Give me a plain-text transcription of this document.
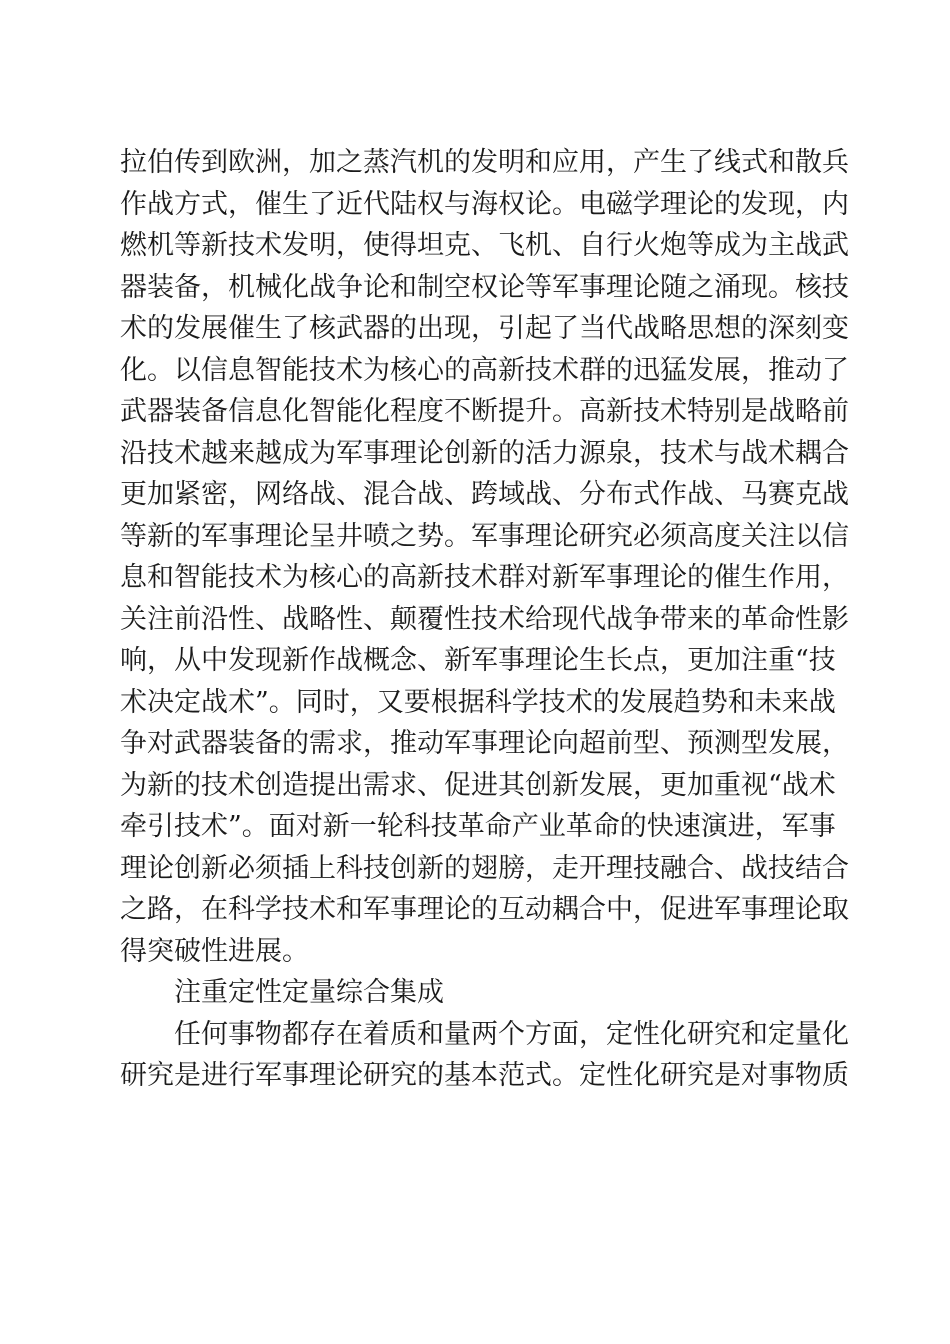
拉伯传到欧洲，加之蒸汽机的发明和应用，产生了线式和散兵
作战方式，催生了近代陆权与海权论。电磁学理论的发现，内
燃机等新技术发明，使得坦克、飞机、自行火炮等成为主战武
器装备，机械化战争论和制空权论等军事理论随之涌现。核技
术的发展催生了核武器的出现，引起了当代战略思想的深刻变
化。以信息智能技术为核心的高新技术群的迅猛发展，推动了
武器装备信息化智能化程度不断提升。高新技术特别是战略前
沿技术越来越成为军事理论创新的活力源泉，技术与战术耦合
更加紧密，网络战、混合战、跨域战、分布式作战、马赛克战
等新的军事理论呈井喷之势。军事理论研究必须高度关注以信
息和智能技术为核心的高新技术群对新军事理论的催生作用，
关注前沿性、战略性、颠覆性技术给现代战争带来的革命性影
响，从中发现新作战概念、新军事理论生长点，更加注重“技
术决定战术”。同时，又要根据科学技术的发展趋势和未来战
争对武器装备的需求，推动军事理论向超前型、预测型发展，
为新的技术创造提出需求、促进其创新发展，更加重视“战术
牵引技术”。面对新一轮科技革命产业革命的快速演进，军事
理论创新必须插上科技创新的翅膀，走开理技融合、战技结合
之路，在科学技术和军事理论的互动耦合中，促进军事理论取
得突破性进展。
注重定性定量综合集成
任何事物都存在着质和量两个方面，定性化研究和定量化
研究是进行军事理论研究的基本范式。定性化研究是对事物质
